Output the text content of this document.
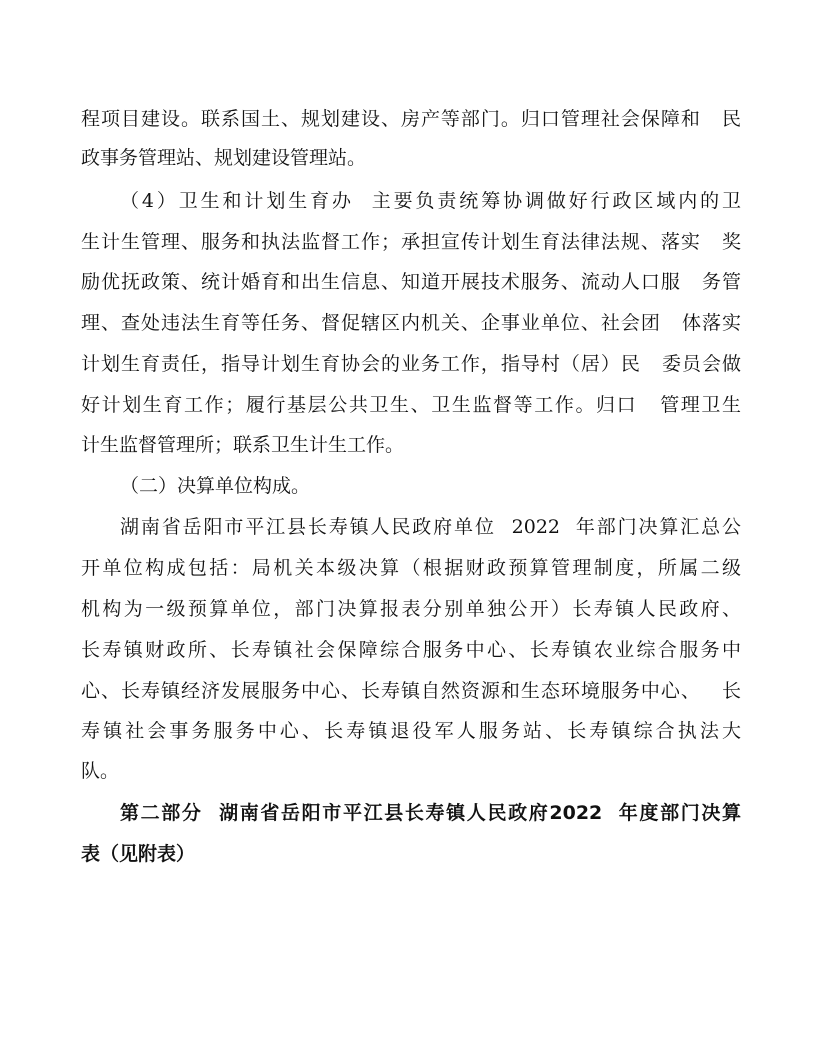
程项目建设。联系国土、规划建设、房产等部门。归口管理社会保障和   民
政事务管理站、规划建设管理站。
（4）卫生和计划生育办  主要负责统筹协调做好行政区域内的卫
生计生管理、服务和执法监督工作；承担宣传计划生育法律法规、落实   奖
励优抚政策、统计婚育和出生信息、知道开展技术服务、流动人口服   务管
理、查处违法生育等任务、督促辖区内机关、企事业单位、社会团   体落实
计划生育责任，指导计划生育协会的业务工作，指导村（居）民   委员会做
好计划生育工作；履行基层公共卫生、卫生监督等工作。归口   管理卫生
计生监督管理所；联系卫生计生工作。
（二）决算单位构成。
湖南省岳阳市平江县长寿镇人民政府单位  2022  年部门决算汇总公
开单位构成包括：局机关本级决算（根据财政预算管理制度，所属二级
机构为一级预算单位，部门决算报表分别单独公开）长寿镇人民政府、
长寿镇财政所、长寿镇社会保障综合服务中心、长寿镇农业综合服务中
心、长寿镇经济发展服务中心、长寿镇自然资源和生态环境服务中心、   长
寿镇社会事务服务中心、长寿镇退役军人服务站、长寿镇综合执法大
队。
第二部分  湖南省岳阳市平江县长寿镇人民政府2022  年度部门决算
表（见附表）
